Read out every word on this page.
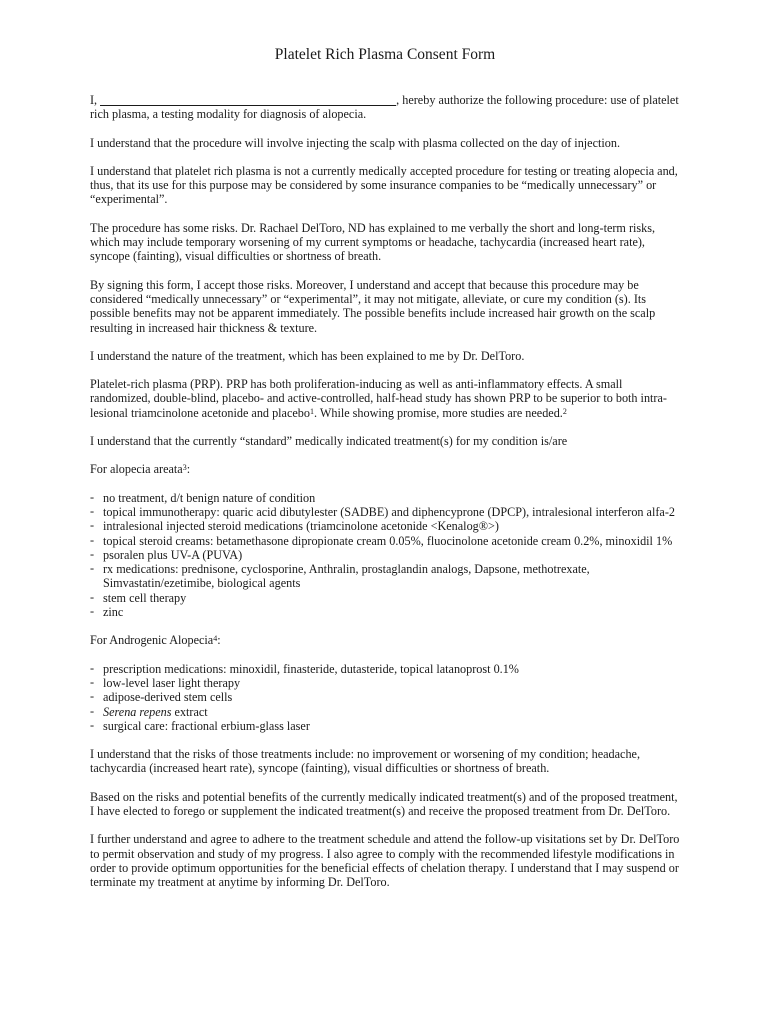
Platelet Rich Plasma Consent Form

I,	, hereby authorize the following procedure: use of platelet rich plasma, a testing modality for diagnosis of alopecia.

I understand that the procedure will involve injecting the scalp with plasma collected on the day of injection.

I understand that platelet rich plasma is not a currently medically accepted procedure for testing or treating alopecia and, thus, that its use for this purpose may be considered by some insurance companies to be “medically unnecessary” or “experimental”.

The procedure has some risks. Dr. Rachael DelToro, ND has explained to me verbally the short and long-term risks, which may include temporary worsening of my current symptoms or headache, tachycardia (increased heart rate), syncope (fainting), visual difficulties or shortness of breath.

By signing this form, I accept those risks. Moreover, I understand and accept that because this procedure may be considered “medically unnecessary” or “experimental”, it may not mitigate, alleviate, or cure my condition (s). Its possible benefits may not be apparent immediately. The possible benefits include increased hair growth on the scalp resulting in increased hair thickness & texture.

I understand the nature of the treatment, which has been explained to me by Dr. DelToro.

Platelet-rich plasma (PRP). PRP has both proliferation-inducing as well as anti-inflammatory effects. A small randomized, double-blind, placebo- and active-controlled, half-head study has shown PRP to be superior to both intra-lesional triamcinolone acetonide and placebo$^1$. While showing promise, more studies are needed.$^2$

I understand that the currently “standard” medically indicated treatment(s) for my condition is/are

For alopecia areata$^3$:

- no treatment, d/t benign nature of condition
- topical immunotherapy: quaric acid dibutylester (SADBE) and diphencyprone (DPCP), intralesional interferon alfa-2
- intralesional injected steroid medications (triamcinolone acetonide <Kenalog®>)
- topical steroid creams: betamethasone dipropionate cream 0.05%, fluocinolone acetonide cream 0.2%, minoxidil 1%
- psoralen plus UV-A (PUVA)
- rx medications: prednisone, cyclosporine, Anthralin, prostaglandin analogs, Dapsone, methotrexate, Simvastatin/ezetimibe, biological agents
- stem cell therapy
- zinc

For Androgenic Alopecia$^4$:

- prescription medications: minoxidil, finasteride, dutasteride, topical latanoprost 0.1%
- low-level laser light therapy
- adipose-derived stem cells
- Serena repens extract
- surgical care: fractional erbium-glass laser

I understand that the risks of those treatments include: no improvement or worsening of my condition; headache, tachycardia (increased heart rate), syncope (fainting), visual difficulties or shortness of breath.

Based on the risks and potential benefits of the currently medically indicated treatment(s) and of the proposed treatment, I have elected to forego or supplement the indicated treatment(s) and receive the proposed treatment from Dr. DelToro.

I further understand and agree to adhere to the treatment schedule and attend the follow-up visitations set by Dr. DelToro to permit observation and study of my progress. I also agree to comply with the recommended lifestyle modifications in order to provide optimum opportunities for the beneficial effects of chelation therapy. I understand that I may suspend or terminate my treatment at anytime by informing Dr. DelToro.
